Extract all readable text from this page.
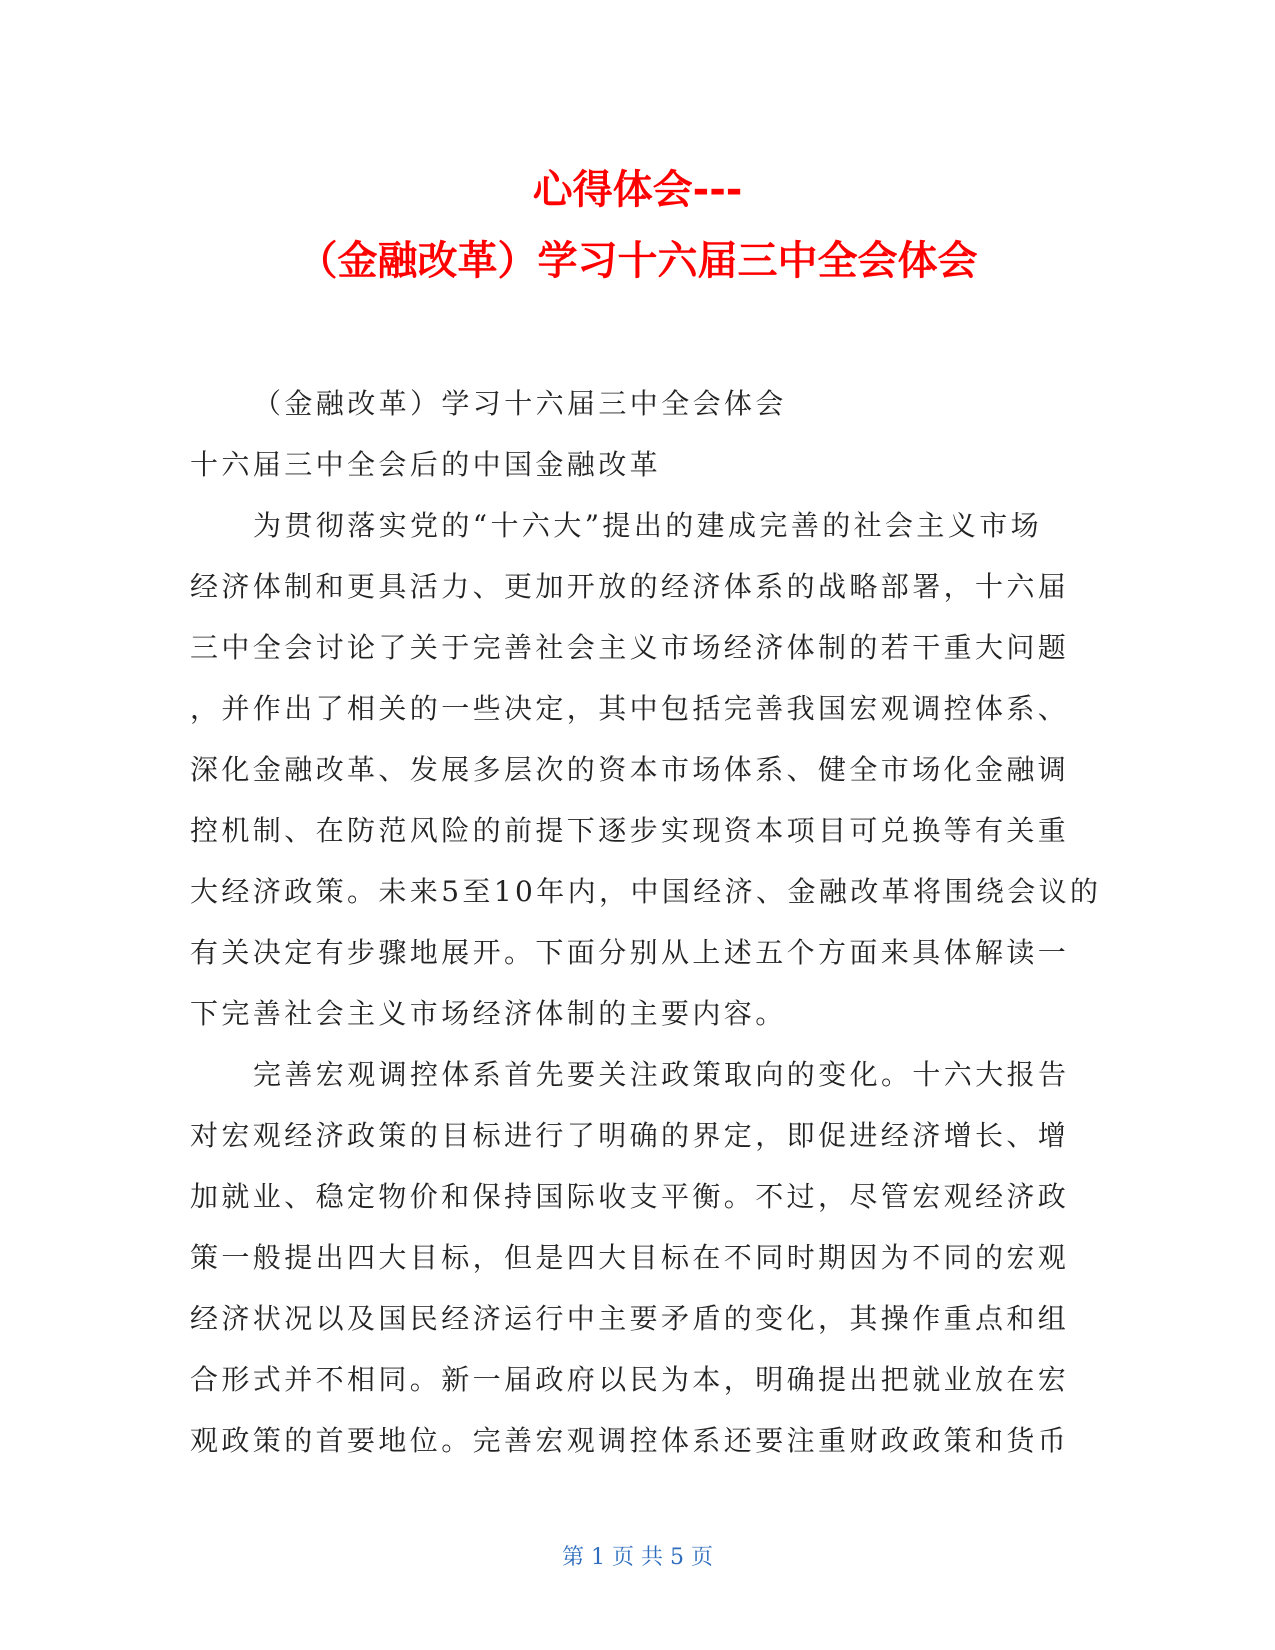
心得体会---
（金融改革）学习十六届三中全会体会
（金融改革）学习十六届三中全会体会
十六届三中全会后的中国金融改革
为贯彻落实党的“十六大”提出的建成完善的社会主义市场
经济体制和更具活力、更加开放的经济体系的战略部署，十六届
三中全会讨论了关于完善社会主义市场经济体制的若干重大问题
，并作出了相关的一些决定，其中包括完善我国宏观调控体系、
深化金融改革、发展多层次的资本市场体系、健全市场化金融调
控机制、在防范风险的前提下逐步实现资本项目可兑换等有关重
大经济政策。未来5至10年内，中国经济、金融改革将围绕会议的
有关决定有步骤地展开。下面分别从上述五个方面来具体解读一
下完善社会主义市场经济体制的主要内容。
完善宏观调控体系首先要关注政策取向的变化。十六大报告
对宏观经济政策的目标进行了明确的界定，即促进经济增长、增
加就业、稳定物价和保持国际收支平衡。不过，尽管宏观经济政
策一般提出四大目标，但是四大目标在不同时期因为不同的宏观
经济状况以及国民经济运行中主要矛盾的变化，其操作重点和组
合形式并不相同。新一届政府以民为本，明确提出把就业放在宏
观政策的首要地位。完善宏观调控体系还要注重财政政策和货币
第 1 页 共 5 页
